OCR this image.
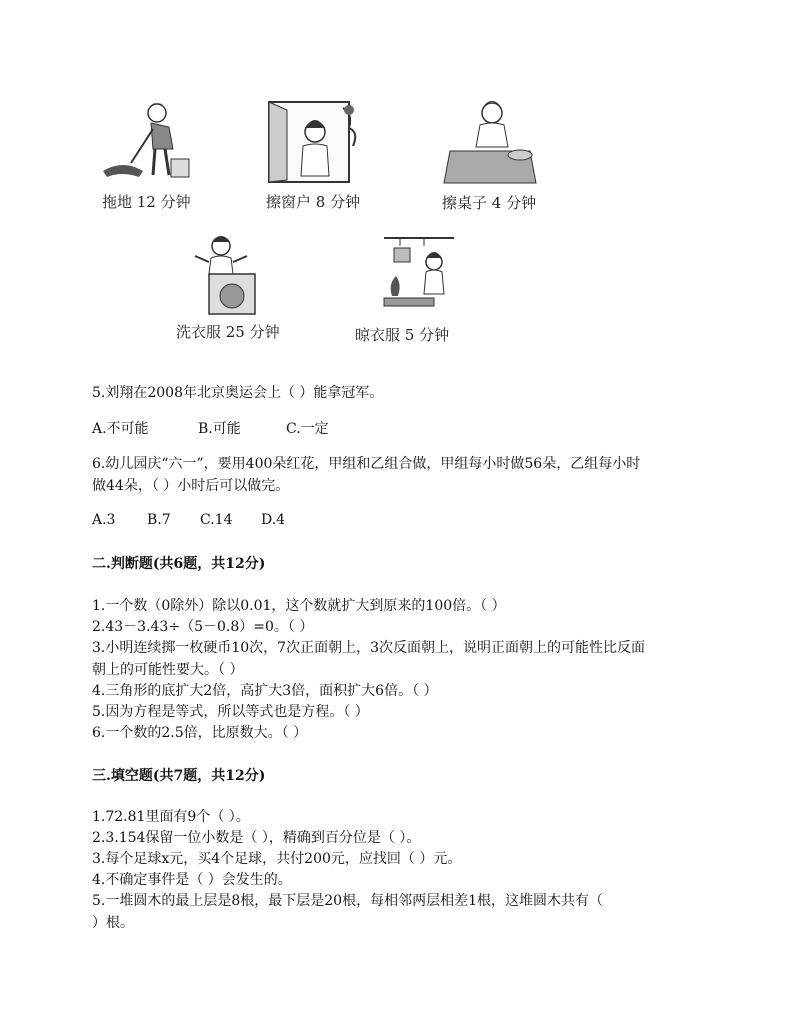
拖地 12 分钟	擦窗户 8 分钟	擦桌子 4 分钟
洗衣服 25 分钟	晾衣服 5 分钟
5.刘翔在2008年北京奥运会上（ ）能拿冠军。
A.不可能	B.可能	C.一定
6.幼儿园庆“六一”，要用400朵红花，甲组和乙组合做，甲组每小时做56朵，乙组每小时
做44朵，（ ）小时后可以做完。
A.3 B.7 C.14 D.4
二.判断题(共6题，共12分)
1.一个数（0除外）除以0.01，这个数就扩大到原来的100倍。（ ）
2.43－3.43÷（5－0.8）=0。（ ）
3.小明连续掷一枚硬币10次，7次正面朝上，3次反面朝上，说明正面朝上的可能性比反面
朝上的可能性要大。（ ）
4.三角形的底扩大2倍，高扩大3倍，面积扩大6倍。（ ）
5.因为方程是等式，所以等式也是方程。（ ）
6.一个数的2.5倍，比原数大。（ ）
三.填空题(共7题，共12分)
1.72.81里面有9个（ ）。
2.3.154保留一位小数是（ ），精确到百分位是（ ）。
3.每个足球x元，买4个足球，共付200元，应找回（ ）元。
4.不确定事件是（ ）会发生的。
5.一堆圆木的最上层是8根，最下层是20根，每相邻两层相差1根，这堆圆木共有（
）根。
